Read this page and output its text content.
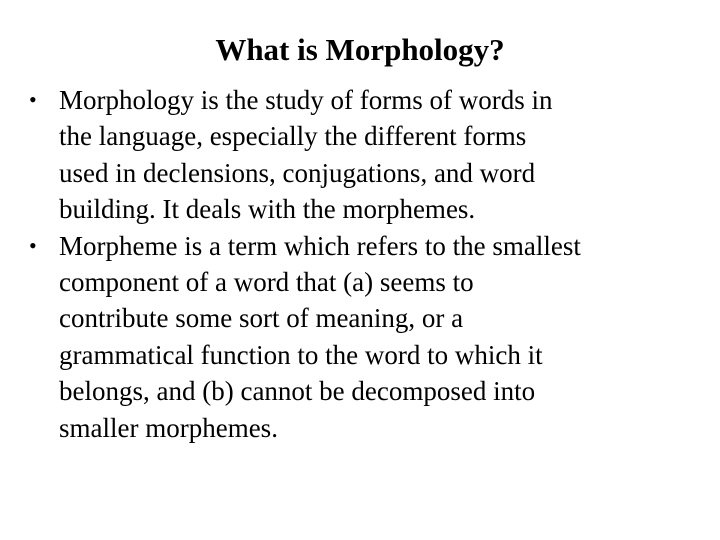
What is Morphology?
• Morphology is the study of forms of words in
the language, especially the different forms
used in declensions, conjugations, and word
building. It deals with the morphemes.
• Morpheme is a term which refers to the smallest
component of a word that (a) seems to
contribute some sort of meaning, or a
grammatical function to the word to which it
belongs, and (b) cannot be decomposed into
smaller morphemes.
